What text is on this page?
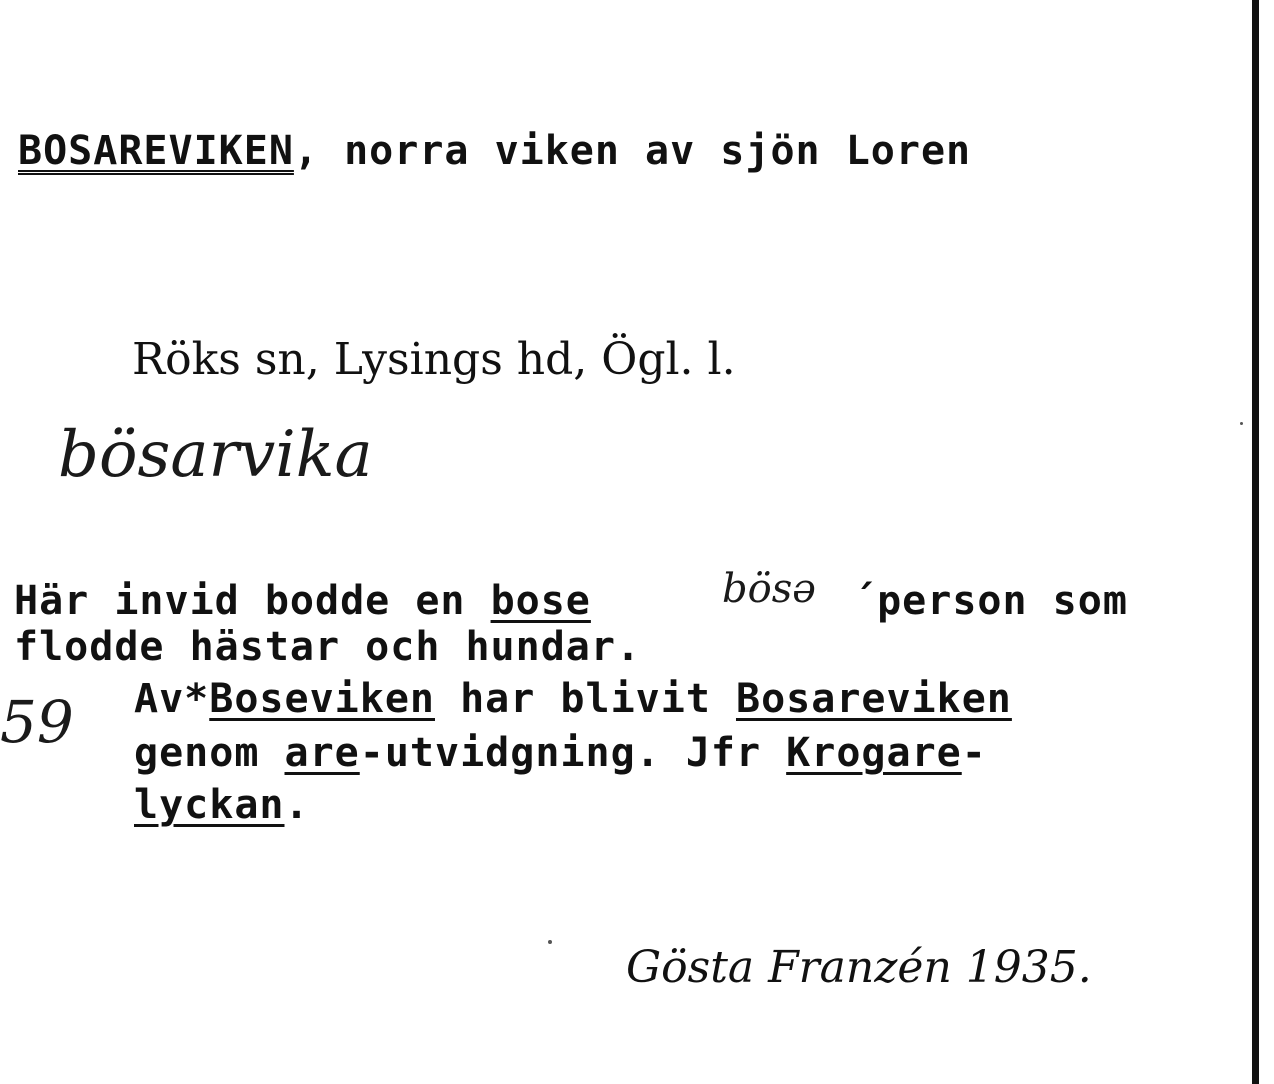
BOSAREVIKEN, norra viken av sjön Loren
Röks sn, Lysings hd, Ögl. l.
bösarvika
Här invid bodde en bose	bösə ´person som
flodde hästar och hundar.
59 Av*Boseviken har blivit Bosareviken
genom are-utvidgning. Jfr Krogare-
lyckan.
Gösta Franzén 1935.
